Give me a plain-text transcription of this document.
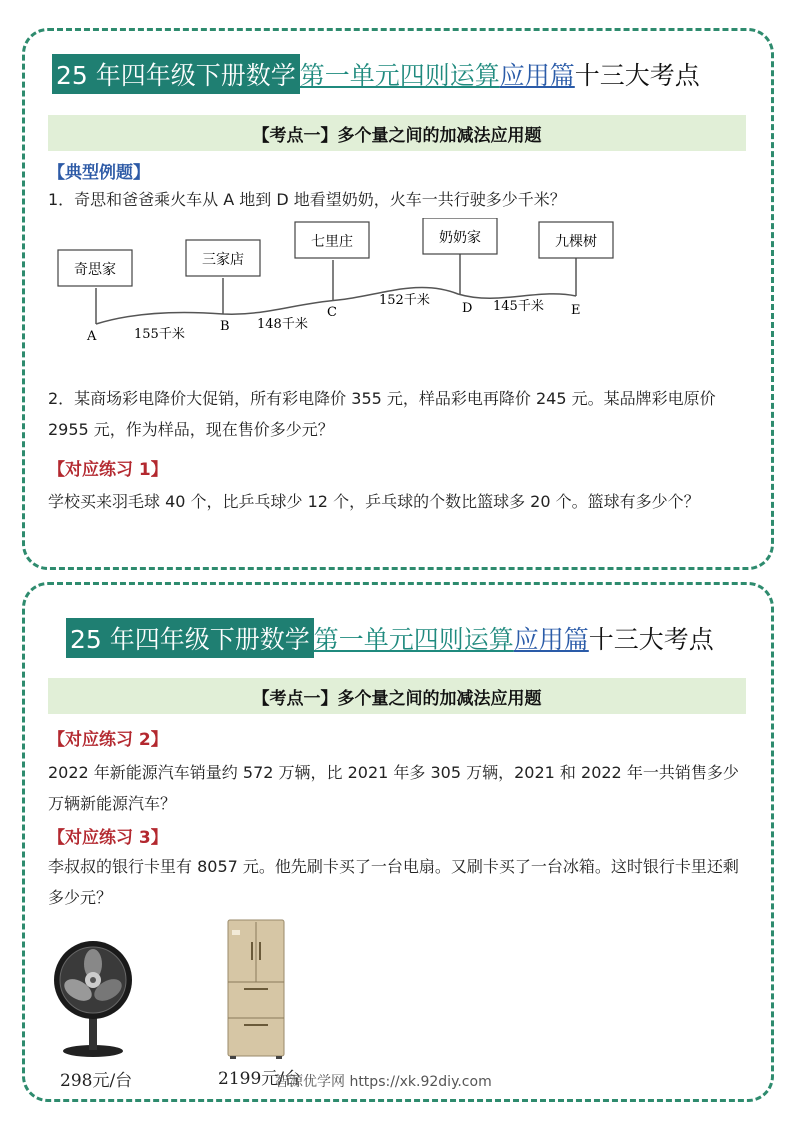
25 年四年级下册数学 第一单元四则运算 应用篇 十三大考点
【考点一】多个量之间的加减法应用题
【典型例题】
1．奇思和爸爸乘火车从 A 地到 D 地看望奶奶，火车一共行驶多少千米？
奇思家
三家店
七里庄	奶奶家	九棵树
A
B
C	D	E
155千米
148千米
152千米	145千米
2．某商场彩电降价大促销，所有彩电降价 355 元，样品彩电再降价 245 元。某品牌彩电原价 2955 元，作为样品，现在售价多少元？
【对应练习 1】
学校买来羽毛球 40 个，比乒乓球少 12 个，乒乓球的个数比篮球多 20 个。篮球有多少个？
25 年四年级下册数学 第一单元四则运算 应用篇 十三大考点
【考点一】多个量之间的加减法应用题
【对应练习 2】
2022 年新能源汽车销量约 572 万辆，比 2021 年多 305 万辆，2021 和 2022 年一共销售多少万辆新能源汽车？
【对应练习 3】
李叔叔的银行卡里有 8057 元。他先刷卡买了一台电扇。又刷卡买了一台冰箱。这时银行卡里还剩多少元？
298元/台	2199元/台
智源优学网 https://xk.92diy.com
